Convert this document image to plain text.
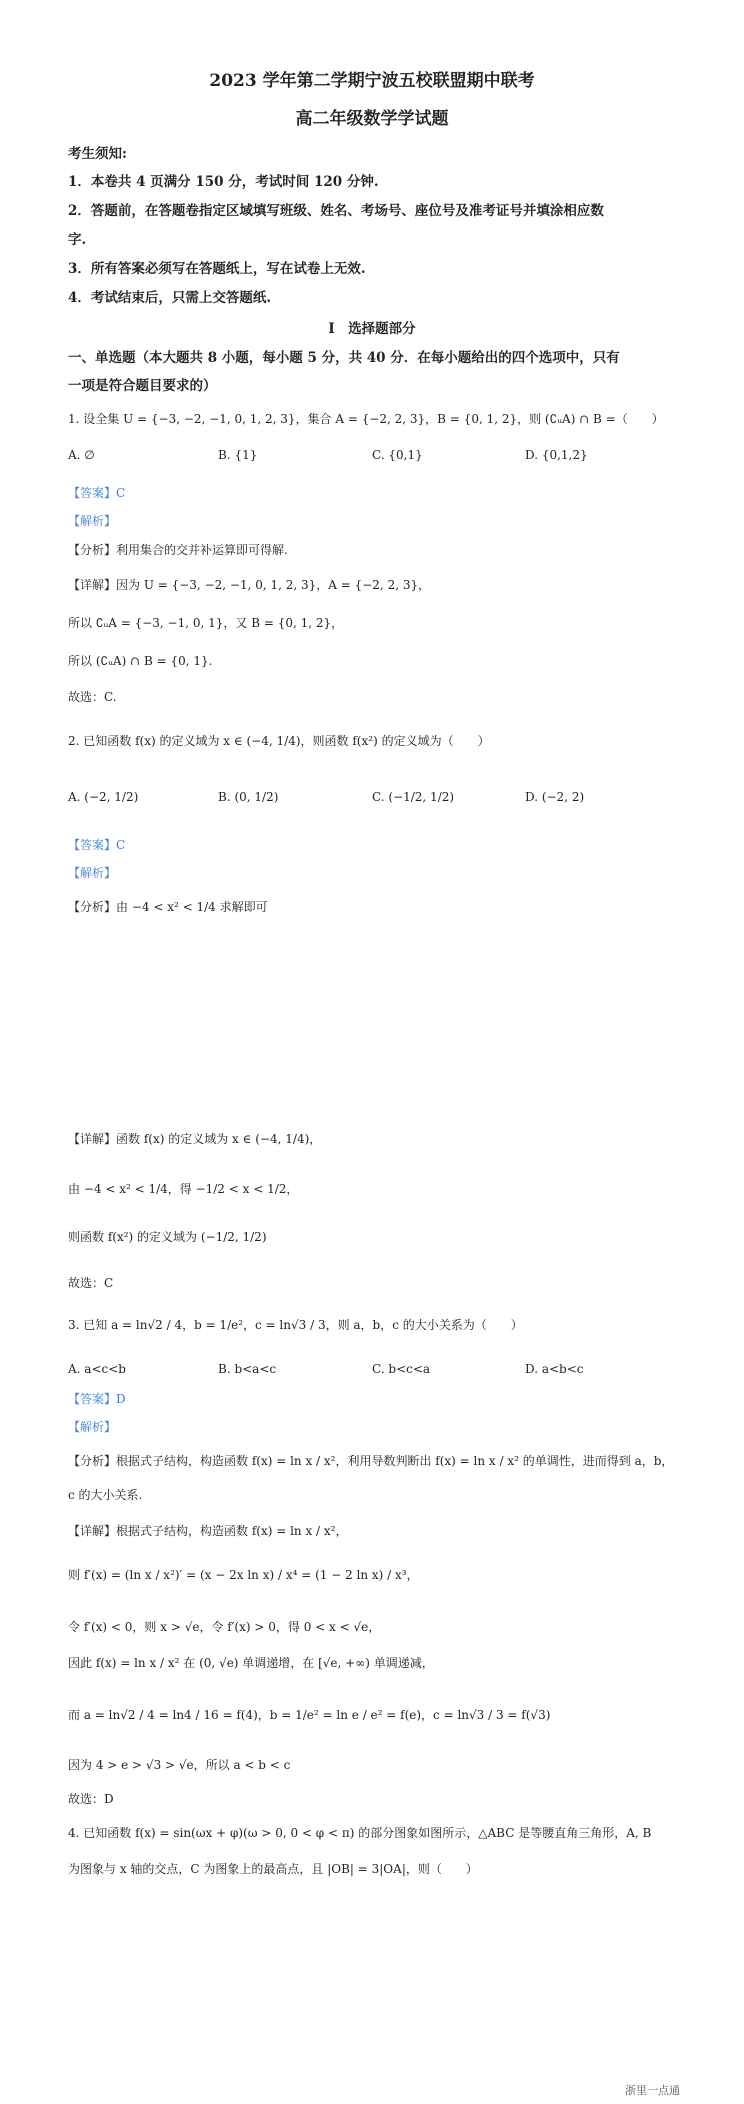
2023 学年第二学期宁波五校联盟期中联考
高二年级数学学试题
考生须知:
1．本卷共 4 页满分 150 分，考试时间 120 分钟.
2．答题前，在答题卷指定区域填写班级、姓名、考场号、座位号及准考证号并填涂相应数
字.
3．所有答案必须写在答题纸上，写在试卷上无效.
4．考试结束后，只需上交答题纸.
I　选择题部分
一、单选题（本大题共 8 小题，每小题 5 分，共 40 分．在每小题给出的四个选项中，只有
一项是符合题目要求的）
1. 设全集 U = {−3, −2, −1, 0, 1, 2, 3}，集合 A = {−2, 2, 3}，B = {0, 1, 2}，则 (∁ᵤA) ∩ B =（　　）
A. ∅	B. {1}	C. {0,1}	D. {0,1,2}
【答案】C
【解析】
【分析】利用集合的交并补运算即可得解.
【详解】因为 U = {−3, −2, −1, 0, 1, 2, 3}，A = {−2, 2, 3}，
所以 ∁ᵤA = {−3, −1, 0, 1}，又 B = {0, 1, 2}，
所以 (∁ᵤA) ∩ B = {0, 1}.
故选：C.
2. 已知函数 f(x) 的定义域为 x ∈ (−4, 1/4)，则函数 f(x²) 的定义域为（　　）
A. (−2, 1/2)	B. (0, 1/2)	C. (−1/2, 1/2)	D. (−2, 2)
【答案】C
【解析】
【分析】由 −4 < x² < 1/4 求解即可
【详解】函数 f(x) 的定义域为 x ∈ (−4, 1/4)，
由 −4 < x² < 1/4，得 −1/2 < x < 1/2，
则函数 f(x²) 的定义域为 (−1/2, 1/2)
故选：C
3. 已知 a = ln√2 / 4，b = 1/e²，c = ln√3 / 3，则 a，b，c 的大小关系为（　　）
A. a<c<b	B. b<a<c	C. b<c<a	D. a<b<c
【答案】D
【解析】
【分析】根据式子结构，构造函数 f(x) = ln x / x²，利用导数判断出 f(x) = ln x / x² 的单调性，进而得到 a，b，
c 的大小关系.
【详解】根据式子结构，构造函数 f(x) = ln x / x²，
则 f′(x) = (ln x / x²)′ = (x − 2x ln x) / x⁴ = (1 − 2 ln x) / x³，
令 f′(x) < 0，则 x > √e，令 f′(x) > 0，得 0 < x < √e，
因此 f(x) = ln x / x² 在 (0, √e) 单调递增，在 [√e, +∞) 单调递减，
而 a = ln√2 / 4 = ln4 / 16 = f(4)，b = 1/e² = ln e / e² = f(e)，c = ln√3 / 3 = f(√3)
因为 4 > e > √3 > √e，所以 a < b < c
故选：D
4. 已知函数 f(x) = sin(ωx + φ)(ω > 0, 0 < φ < π) 的部分图象如图所示，△ABC 是等腰直角三角形，A, B
为图象与 x 轴的交点，C 为图象上的最高点，且 |OB| = 3|OA|，则（　　）
浙里一点通
